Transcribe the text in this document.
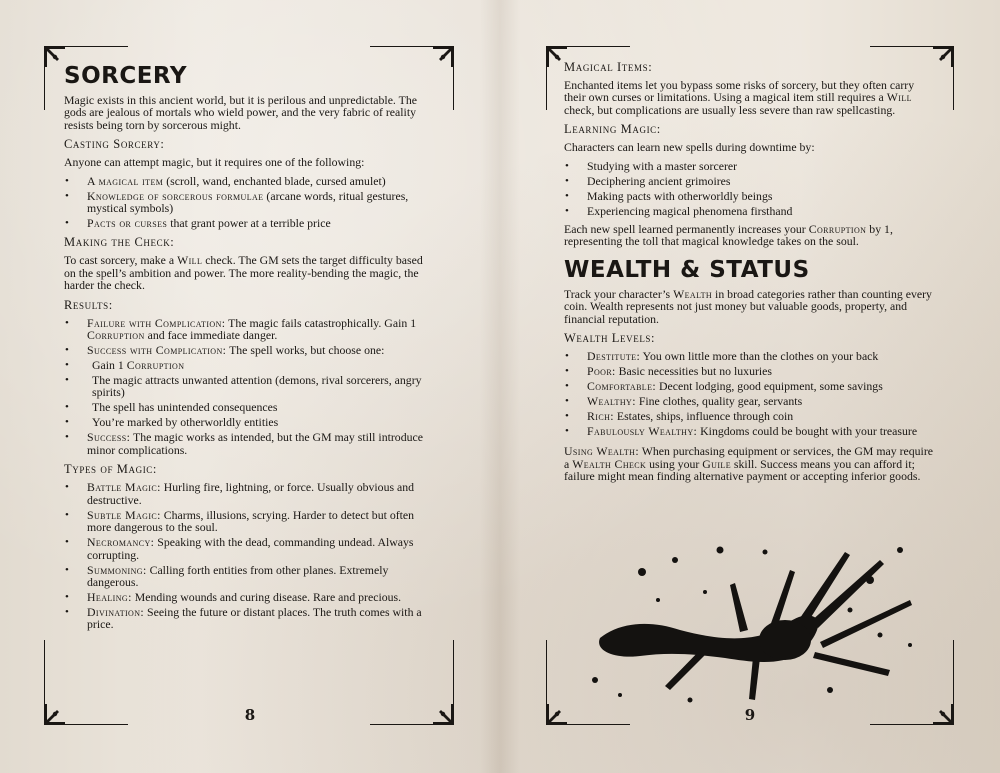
SORCERY

Magic exists in this ancient world, but it is perilous and unpredictable. The gods are jealous of mortals who wield power, and the very fabric of reality resists being torn by sorcerous might.

Casting Sorcery:

Anyone can attempt magic, but it requires one of the following:

• A magical item (scroll, wand, enchanted blade, cursed amulet)
• Knowledge of sorcerous formulae (arcane words, ritual gestures, mystical symbols)
• Pacts or curses that grant power at a terrible price
Making the Check:

To cast sorcery, make a Will check. The GM sets the target difficulty based on the spell’s ambition and power. The more reality-bending the magic, the harder the check.

Results:
• Failure with Complication: The magic fails catastrophically. Gain 1 Corruption and face immediate danger.
• Success with Complication: The spell works, but choose one:
• Gain 1 Corruption
• The magic attracts unwanted attention (demons, rival sorcerers, angry spirits)
• The spell has unintended consequences
• You’re marked by otherworldly entities
• Success: The magic works as intended, but the GM may still introduce minor complications.
Types of Magic:
• Battle Magic: Hurling fire, lightning, or force. Usually obvious and destructive.
• Subtle Magic: Charms, illusions, scrying. Harder to detect but often more dangerous to the soul.
• Necromancy: Speaking with the dead, commanding undead. Always corrupting.
• Summoning: Calling forth entities from other planes. Extremely dangerous.
• Healing: Mending wounds and curing disease. Rare and precious.
• Divination: Seeing the future or distant places. The truth comes with a price.
8
Magical Items:

Enchanted items let you bypass some risks of sorcery, but they often carry their own curses or limitations. Using a magical item still requires a Will check, but complications are usually less severe than raw spellcasting.

Learning Magic:

Characters can learn new spells during downtime by:

• Studying with a master sorcerer
• Deciphering ancient grimoires
• Making pacts with otherworldly beings
• Experiencing magical phenomena firsthand

Each new spell learned permanently increases your Corruption by 1, representing the toll that magical knowledge takes on the soul.

WEALTH & STATUS

Track your character’s Wealth in broad categories rather than counting every coin. Wealth represents not just money but valuable goods, property, and financial reputation.

Wealth Levels:
• Destitute: You own little more than the clothes on your back
• Poor: Basic necessities but no luxuries
• Comfortable: Decent lodging, good equipment, some savings
• Wealthy: Fine clothes, quality gear, servants
• Rich: Estates, ships, influence through coin
• Fabulously Wealthy: Kingdoms could be bought with your treasure

Using Wealth: When purchasing equipment or services, the GM may require a Wealth Check using your Guile skill. Success means you can afford it; failure might mean finding alternative payment or accepting inferior goods.

9
